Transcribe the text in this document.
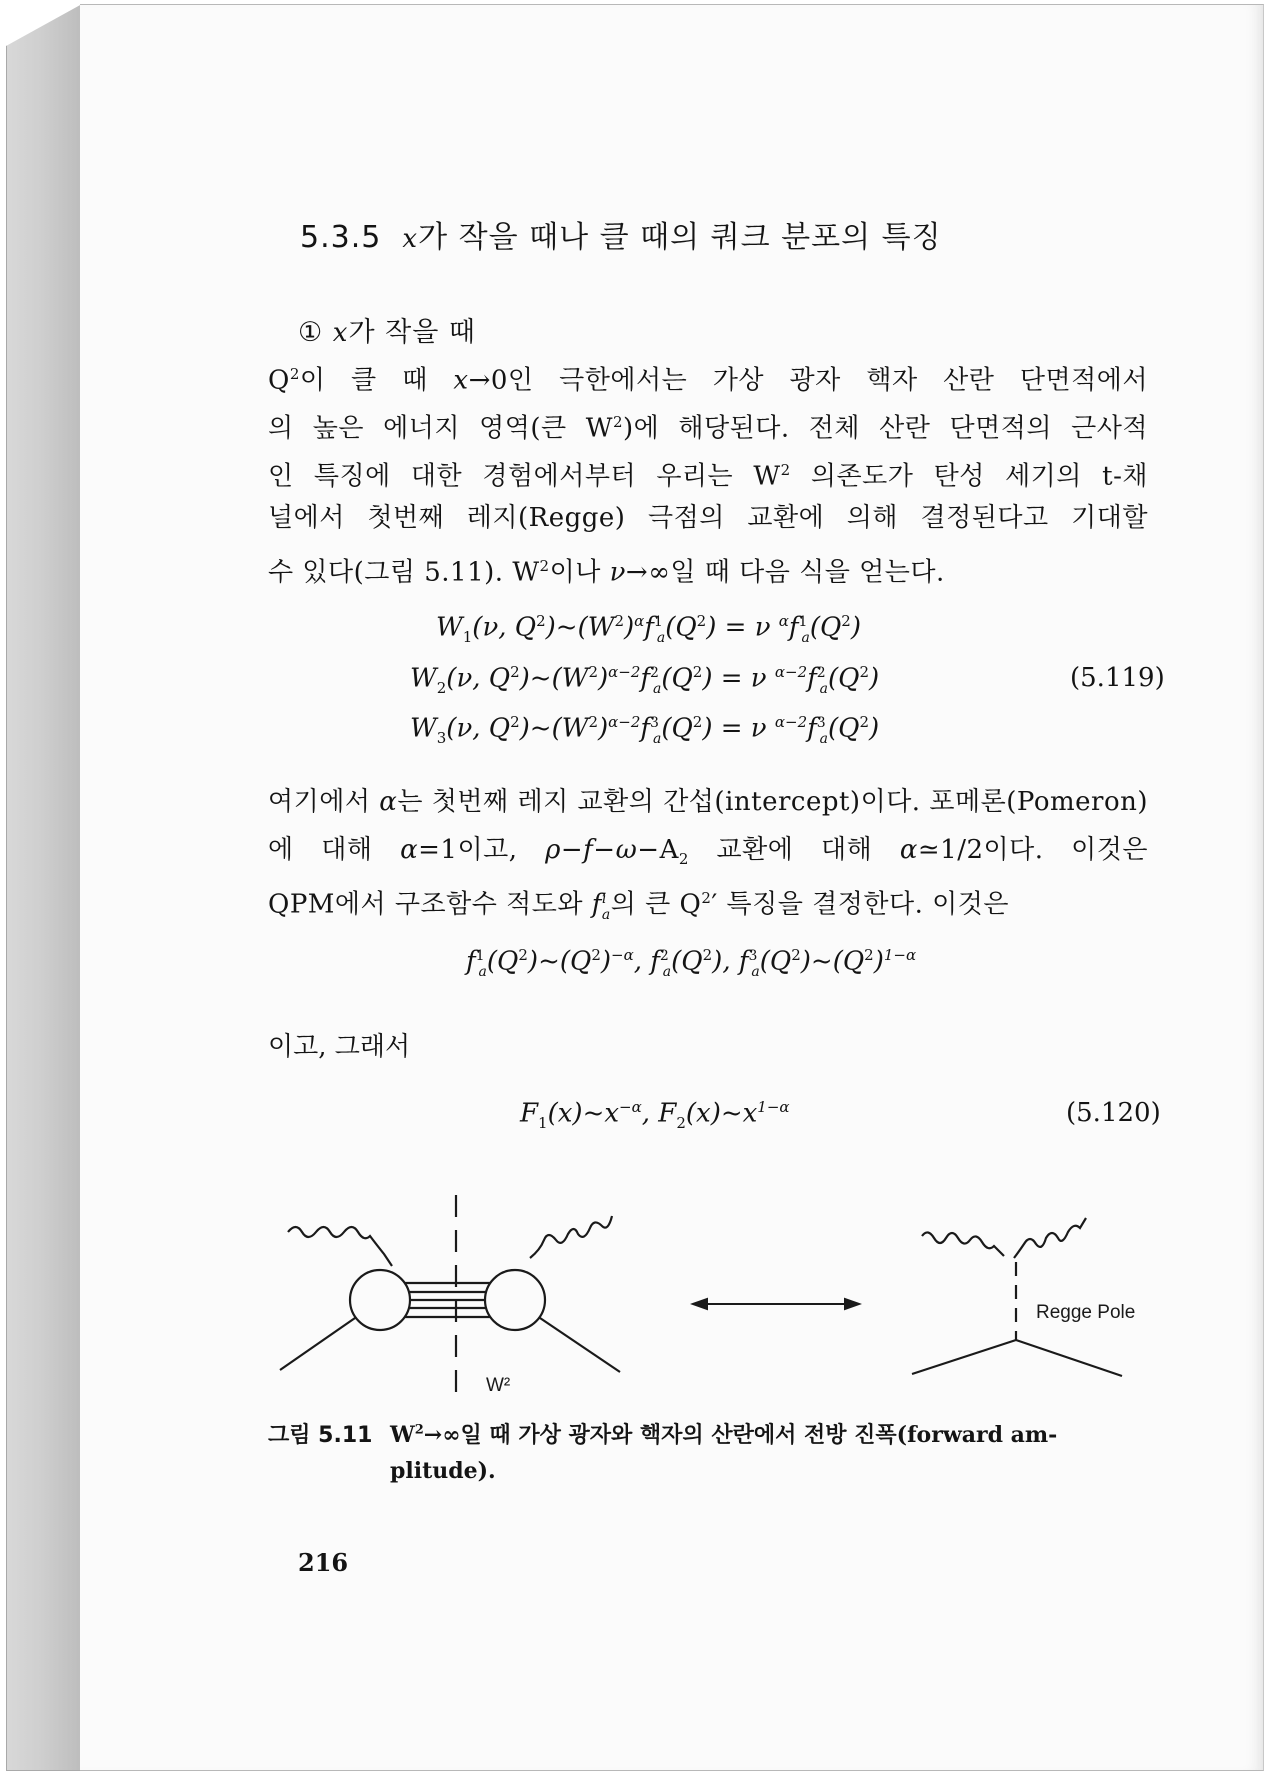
5.3.5 x가 작을 때나 클 때의 쿼크 분포의 특징
① x가 작을 때
$Q^2$이 클 때 x→0인 극한에서는 가상 광자 핵자 산란 단면적에서
의 높은 에너지 영역(큰 $W^2$)에 해당된다. 전체 산란 단면적의 근사적
인 특징에 대한 경험에서부터 우리는 $W^2$ 의존도가 탄성 세기의 t-채
널에서 첫번째 레지(Regge) 극점의 교환에 의해 결정된다고 기대할
수 있다(그림 5.11). $W^2$이나 ν→∞일 때 다음 식을 얻는다.
$W_1(\nu$, $Q^2)\sim(W^2)^\alpha f^1_a(Q^2) = \nu$ $^\alpha f^1_a(Q^2)$
$W_2(\nu$, $Q^2)\sim(W^2)^{\alpha-2}f^2_a(Q^2) = \nu$ $^{\alpha-2}f^2_a(Q^2)$
$W_3(\nu$, $Q^2)\sim(W^2)^{\alpha-2}f^3_a(Q^2) = \nu$ $^{\alpha-2}f^3_a(Q^2)$
(5.119)
여기에서 α는 첫번째 레지 교환의 간섭(intercept)이다. 포메론(Pomeron)
에 대해 α=1이고, $\rho-f-\omega-A_2$ 교환에 대해 α≃1/2이다. 이것은
QPM에서 구조함수 적도와 $f^i_a$의 큰 $Q^2'$ 특징을 결정한다. 이것은
$f^1_a(Q^2)\sim(Q^2)^{-\alpha}$, $f^2_a(Q^2)$, $f^3_a(Q^2)\sim(Q^2)^{1-\alpha}$
이고, 그래서
$F_1(x)\sim x^{-\alpha}$, $F_2(x)\sim x^{1-\alpha}$	(5.120)
W²
Regge Pole
그림 5.11 $W^2\to\infty$일 때 가상 광자와 핵자의 산란에서 전방 진폭(forward am-
plitude).
216
